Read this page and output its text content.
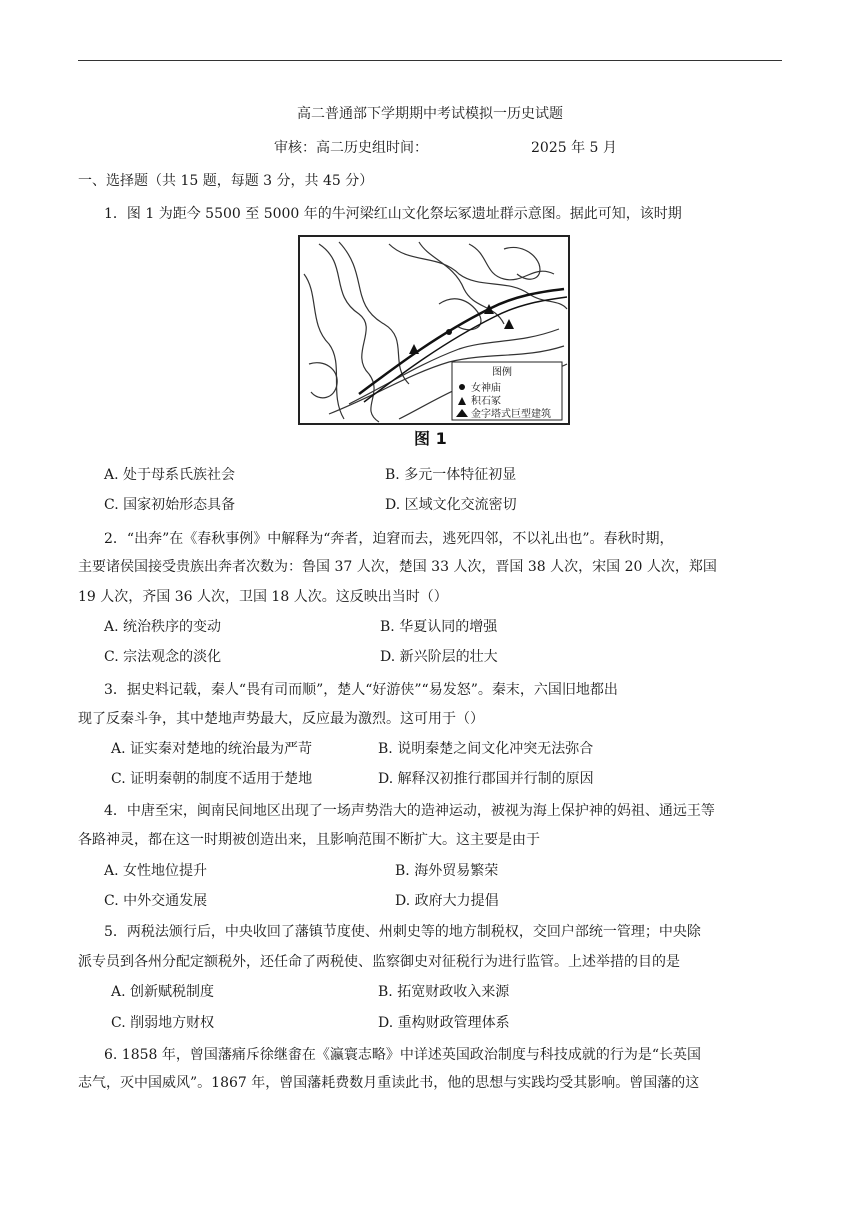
高二普通部下学期期中考试模拟一历史试题
审核：高二历史组时间：	2025 年 5 月
一、选择题（共 15 题，每题 3 分，共 45 分）
1．图 1 为距今 5500 至 5000 年的牛河梁红山文化祭坛冢遗址群示意图。据此可知，该时期
图例
女神庙
积石冢
金字塔式巨型建筑
图 1
A. 处于母系氏族社会	B. 多元一体特征初显
C. 国家初始形态具备	D. 区域文化交流密切
2．“出奔”在《春秋事例》中解释为“奔者，迫窘而去，逃死四邻，不以礼出也”。春秋时期，
主要诸侯国接受贵族出奔者次数为：鲁国 37 人次，楚国 33 人次，晋国 38 人次，宋国 20 人次，郑国
19 人次，齐国 36 人次，卫国 18 人次。这反映出当时（）
A. 统治秩序的变动	B. 华夏认同的增强
C. 宗法观念的淡化	D. 新兴阶层的壮大
3．据史料记载，秦人“畏有司而顺”，楚人“好游侠”“易发怒”。秦末，六国旧地都出
现了反秦斗争，其中楚地声势最大，反应最为激烈。这可用于（）
A. 证实秦对楚地的统治最为严苛	B. 说明秦楚之间文化冲突无法弥合
C. 证明秦朝的制度不适用于楚地	D. 解释汉初推行郡国并行制的原因
4．中唐至宋，闽南民间地区出现了一场声势浩大的造神运动，被视为海上保护神的妈祖、通远王等
各路神灵，都在这一时期被创造出来，且影响范围不断扩大。这主要是由于
A. 女性地位提升	B. 海外贸易繁荣
C. 中外交通发展	D. 政府大力提倡
5．两税法颁行后，中央收回了藩镇节度使、州刺史等的地方制税权，交回户部统一管理；中央除
派专员到各州分配定额税外，还任命了两税使、监察御史对征税行为进行监管。上述举措的目的是
A. 创新赋税制度	B. 拓宽财政收入来源
C. 削弱地方财权	D. 重构财政管理体系
6. 1858 年，曾国藩痛斥徐继畬在《瀛寰志略》中详述英国政治制度与科技成就的行为是“长英国
志气，灭中国威风”。1867 年，曾国藩耗费数月重读此书，他的思想与实践均受其影响。曾国藩的这
